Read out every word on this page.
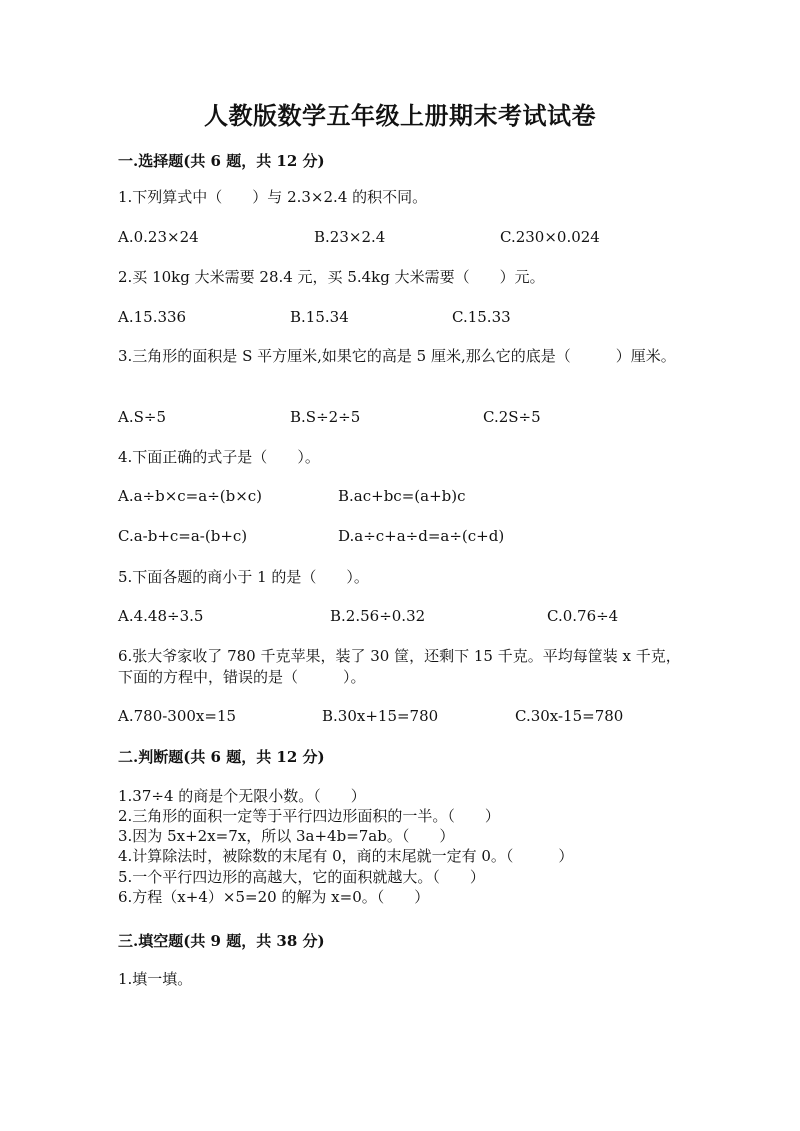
人教版数学五年级上册期末考试试卷
一.选择题(共 6 题，共 12 分)
1.下列算式中（　　）与 2.3×2.4 的积不同。
A.0.23×24	B.23×2.4	C.230×0.024
2.买 10kg 大米需要 28.4 元，买 5.4kg 大米需要（　　）元。
A.15.336	B.15.34	C.15.33
3.三角形的面积是 S 平方厘米,如果它的高是 5 厘米,那么它的底是（　　　）厘米。
A.S÷5	B.S÷2÷5	C.2S÷5
4.下面正确的式子是（　　）。
A.a÷b×c=a÷(b×c)	B.ac+bc=(a+b)c
C.a-b+c=a-(b+c)	D.a÷c+a÷d=a÷(c+d)
5.下面各题的商小于 1 的是（　　）。
A.4.48÷3.5	B.2.56÷0.32	C.0.76÷4
6.张大爷家收了 780 千克苹果，装了 30 筐，还剩下 15 千克。平均每筐装 x 千克，下面的方程中，错误的是（　　　）。
A.780-300x=15	B.30x+15=780	C.30x-15=780
二.判断题(共 6 题，共 12 分)
1.37÷4 的商是个无限小数。（　　）
2.三角形的面积一定等于平行四边形面积的一半。（　　）
3.因为 5x+2x=7x，所以 3a+4b=7ab。（　　）
4.计算除法时，被除数的末尾有 0，商的末尾就一定有 0。（　　　）
5.一个平行四边形的高越大，它的面积就越大。（　　）
6.方程（x+4）×5=20 的解为 x=0。（　　）
三.填空题(共 9 题，共 38 分)
1.填一填。
